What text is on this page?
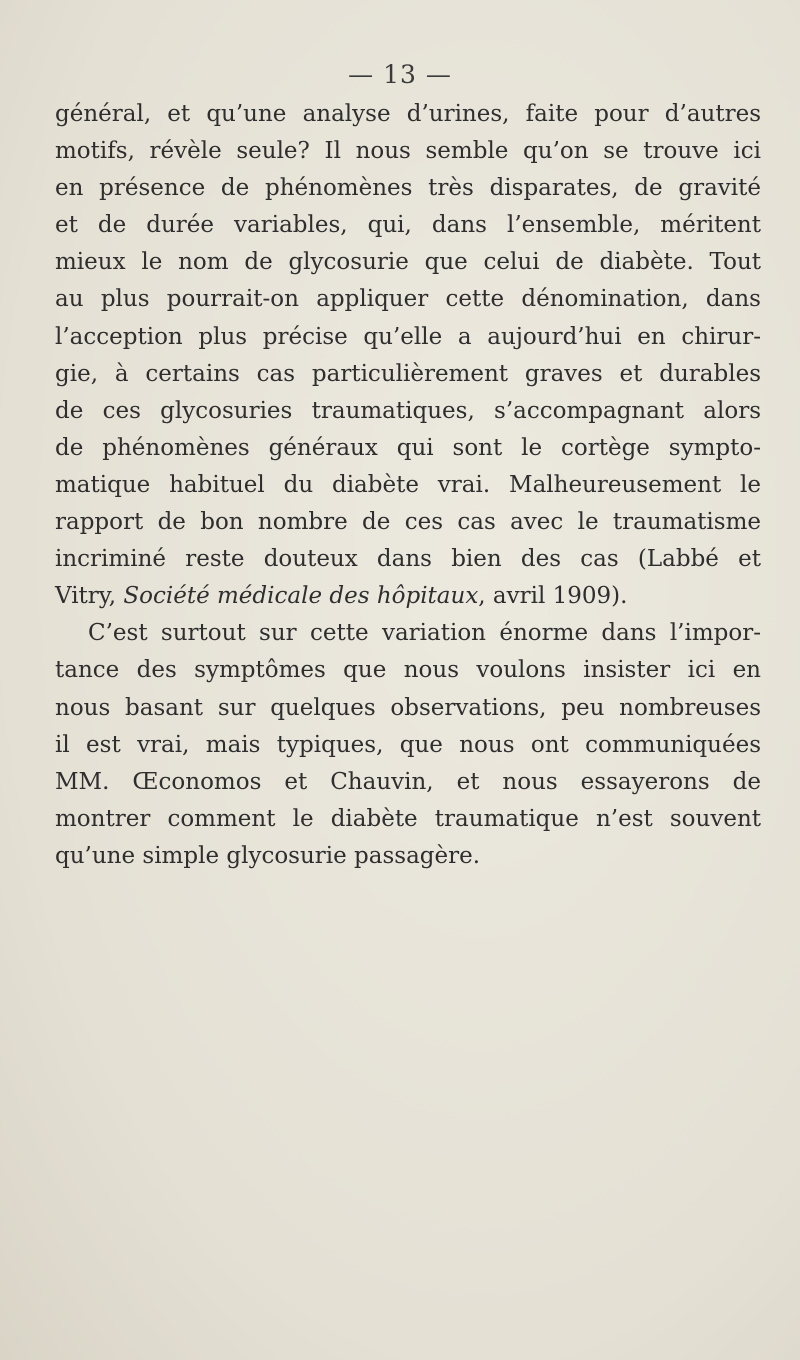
— 13 —
général, et qu’une analyse d’urines, faite pour d’autres
motifs, révèle seule? Il nous semble qu’on se trouve ici
en présence de phénomènes très disparates, de gravité
et de durée variables, qui, dans l’ensemble, méritent
mieux le nom de glycosurie que celui de diabète. Tout
au plus pourrait-on appliquer cette dénomination, dans
l’acception plus précise qu’elle a aujourd’hui en chirur-
gie, à certains cas particulièrement graves et durables
de ces glycosuries traumatiques, s’accompagnant alors
de phénomènes généraux qui sont le cortège sympto-
matique habituel du diabète vrai. Malheureusement le
rapport de bon nombre de ces cas avec le traumatisme
incriminé reste douteux dans bien des cas (Labbé et
Vitry, Société médicale des hôpitaux, avril 1909).
C’est surtout sur cette variation énorme dans l’impor-
tance des symptômes que nous voulons insister ici en
nous basant sur quelques observations, peu nombreuses
il est vrai, mais typiques, que nous ont communiquées
MM. Œconomos et Chauvin, et nous essayerons de
montrer comment le diabète traumatique n’est souvent
qu’une simple glycosurie passagère.
